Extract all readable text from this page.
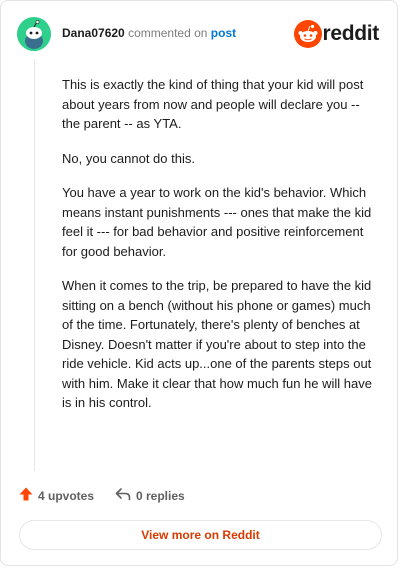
Dana07620 commented on post	reddit

This is exactly the kind of thing that your kid will post about years from now and people will declare you -- the parent -- as YTA.

No, you cannot do this.

You have a year to work on the kid's behavior. Which means instant punishments --- ones that make the kid feel it --- for bad behavior and positive reinforcement for good behavior.

When it comes to the trip, be prepared to have the kid sitting on a bench (without his phone or games) much of the time. Fortunately, there's plenty of benches at Disney. Doesn't matter if you're about to step into the ride vehicle. Kid acts up...one of the parents steps out with him. Make it clear that how much fun he will have is in his control.

4 upvotes	0 replies
View more on Reddit
